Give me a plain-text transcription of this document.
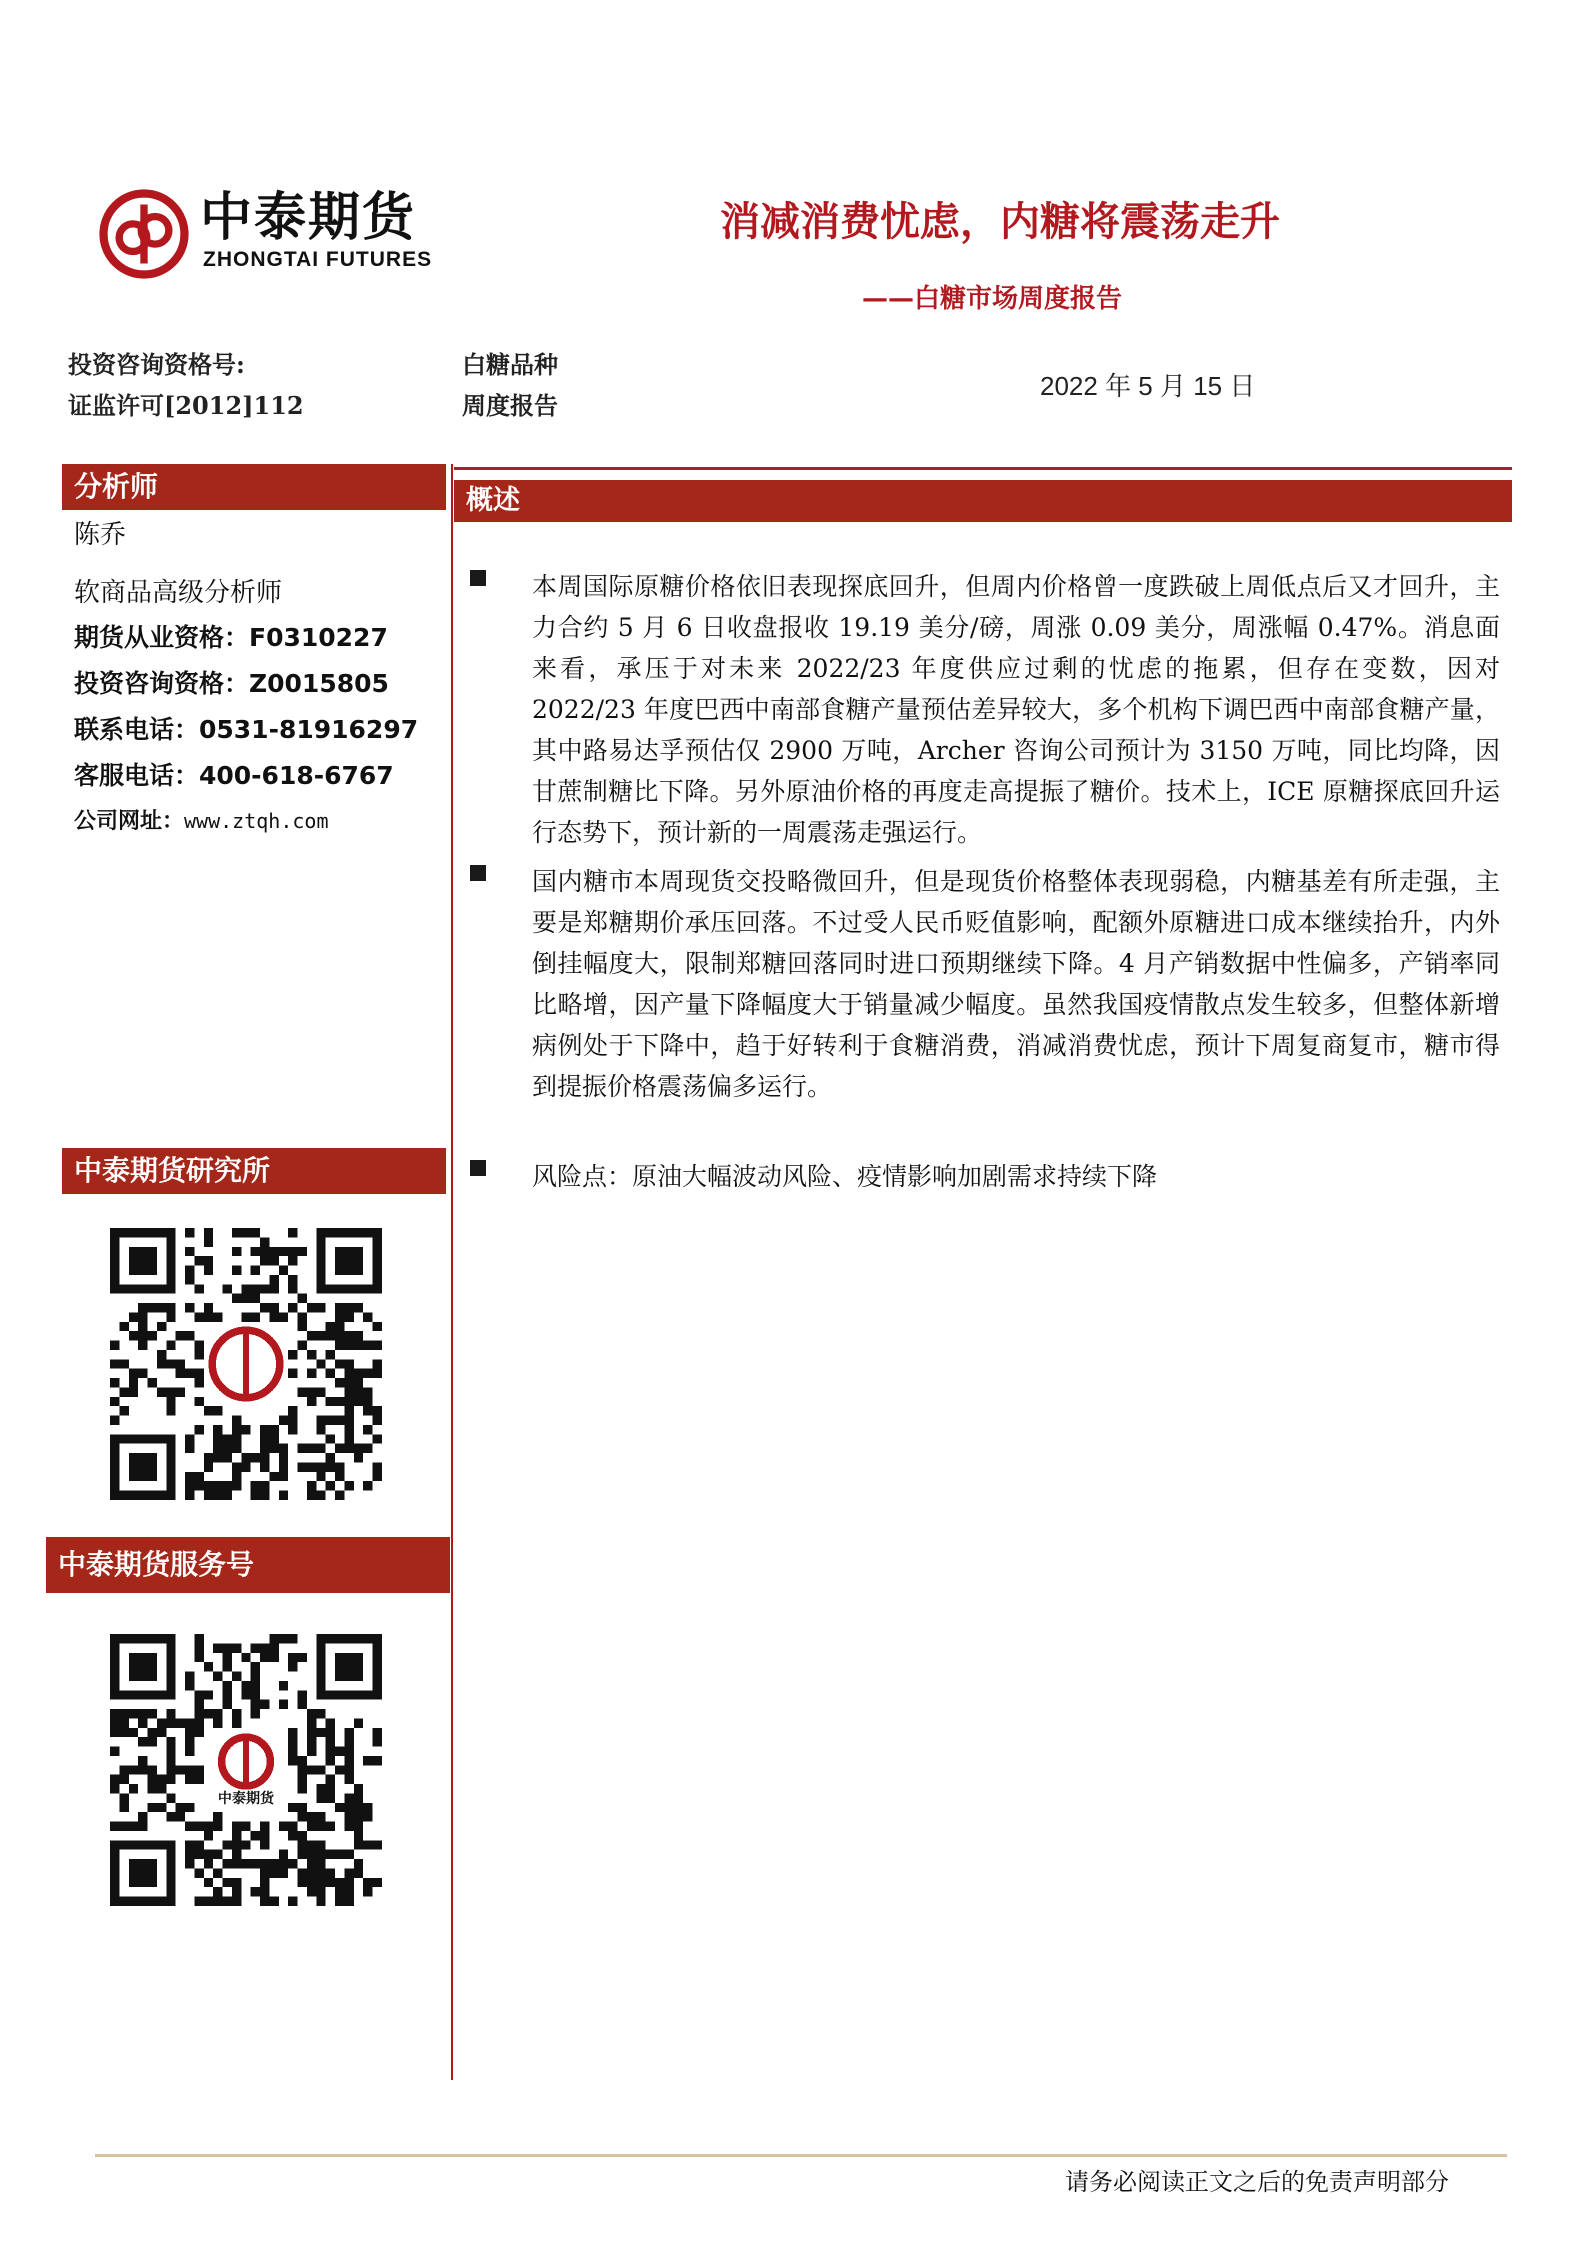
中泰期货
ZHONGTAI FUTURES
消减消费忧虑，内糖将震荡走升
——白糖市场周度报告
投资咨询资格号:
证监许可[2012]112
白糖品种
周度报告
2022 年 5 月 15 日
分析师
陈乔
软商品高级分析师
期货从业资格：F0310227
投资咨询资格：Z0015805
联系电话：0531-81916297
客服电话：400-618-6767
公司网址：www.ztqh.com
中泰期货研究所
中泰期货服务号
中泰期货
概述
本周国际原糖价格依旧表现探底回升，但周内价格曾一度跌破上周低点后又才回升，主力合约 5 月 6 日收盘报收 19.19 美分/磅，周涨 0.09 美分，周涨幅 0.47%。消息面来看，承压于对未来 2022/23 年度供应过剩的忧虑的拖累，但存在变数，因对 2022/23 年度巴西中南部食糖产量预估差异较大，多个机构下调巴西中南部食糖产量，其中路易达孚预估仅 2900 万吨，Archer 咨询公司预计为 3150 万吨，同比均降，因甘蔗制糖比下降。另外原油价格的再度走高提振了糖价。技术上，ICE 原糖探底回升运行态势下，预计新的一周震荡走强运行。
国内糖市本周现货交投略微回升，但是现货价格整体表现弱稳，内糖基差有所走强，主要是郑糖期价承压回落。不过受人民币贬值影响，配额外原糖进口成本继续抬升，内外倒挂幅度大，限制郑糖回落同时进口预期继续下降。4 月产销数据中性偏多，产销率同比略增，因产量下降幅度大于销量减少幅度。虽然我国疫情散点发生较多，但整体新增病例处于下降中，趋于好转利于食糖消费，消减消费忧虑，预计下周复商复市，糖市得到提振价格震荡偏多运行。
风险点：原油大幅波动风险、疫情影响加剧需求持续下降
请务必阅读正文之后的免责声明部分
